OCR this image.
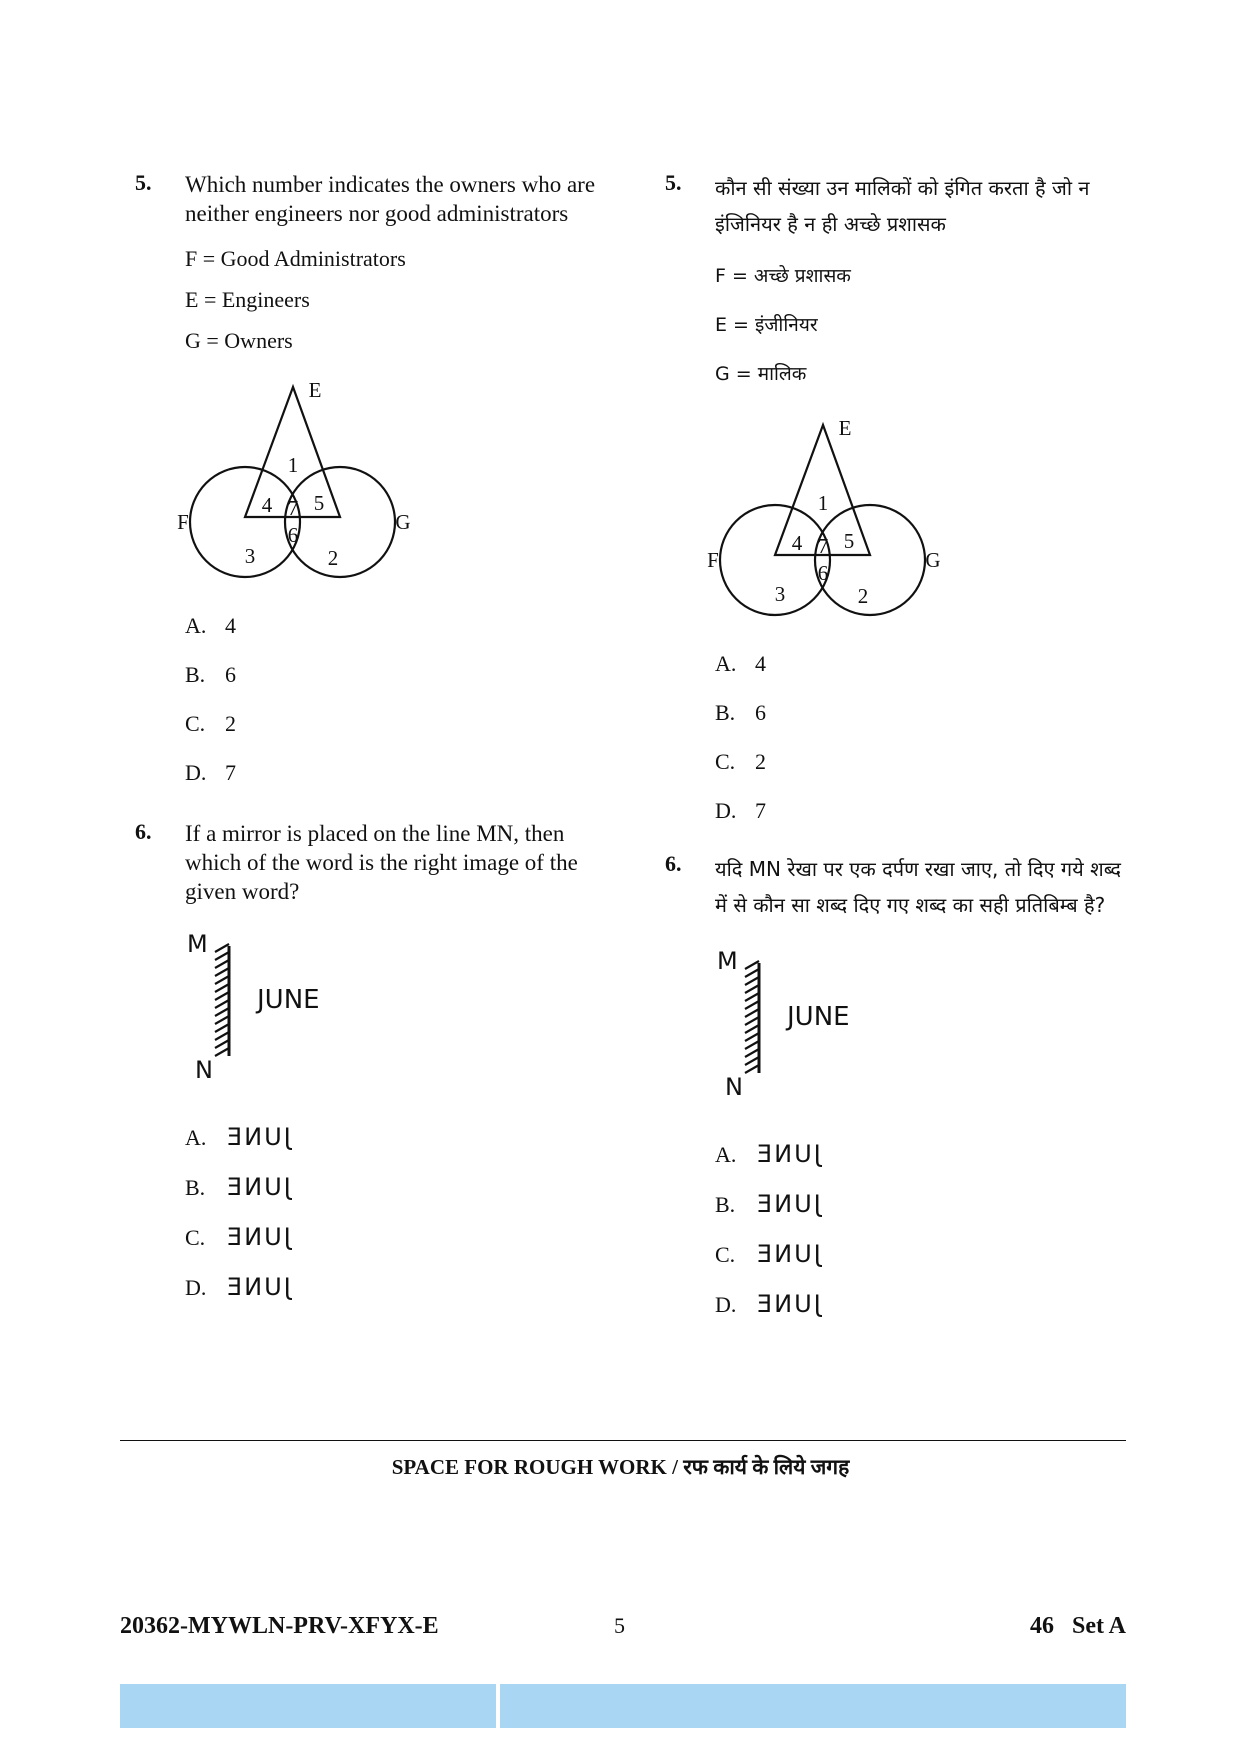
5. Which number indicates the owners who are neither engineers nor good administrators
F = Good Administrators
E = Engineers
G = Owners
E
F	G
1
4 7 5
6
3	2
A. 4
B. 6
C. 2
D. 7
6. If a mirror is placed on the line MN, then which of the word is the right image of the given word?
M
N
JUNE
A. JUNE
B. JUNE
C. JUNE
D. JUNE
5. कौन सी संख्या उन मालिकों को इंगित करता है जो न इंजिनियर है न ही अच्छे प्रशासक
F = अच्छे प्रशासक
E = इंजीनियर
G = मालिक
E
F	G
1
4 7 5
6
3	2
A. 4
B. 6
C. 2
D. 7
6. यदि MN रेखा पर एक दर्पण रखा जाए, तो दिए गये शब्द में से कौन सा शब्द दिए गए शब्द का सही प्रतिबिम्ब है?
M
N
JUNE
A. JUNE
B. JUNE
C. JUNE
D. JUNE
SPACE FOR ROUGH WORK / रफ कार्य के लिये जगह
20362-MYWLN-PRV-XFYX-E	5	46   Set A
